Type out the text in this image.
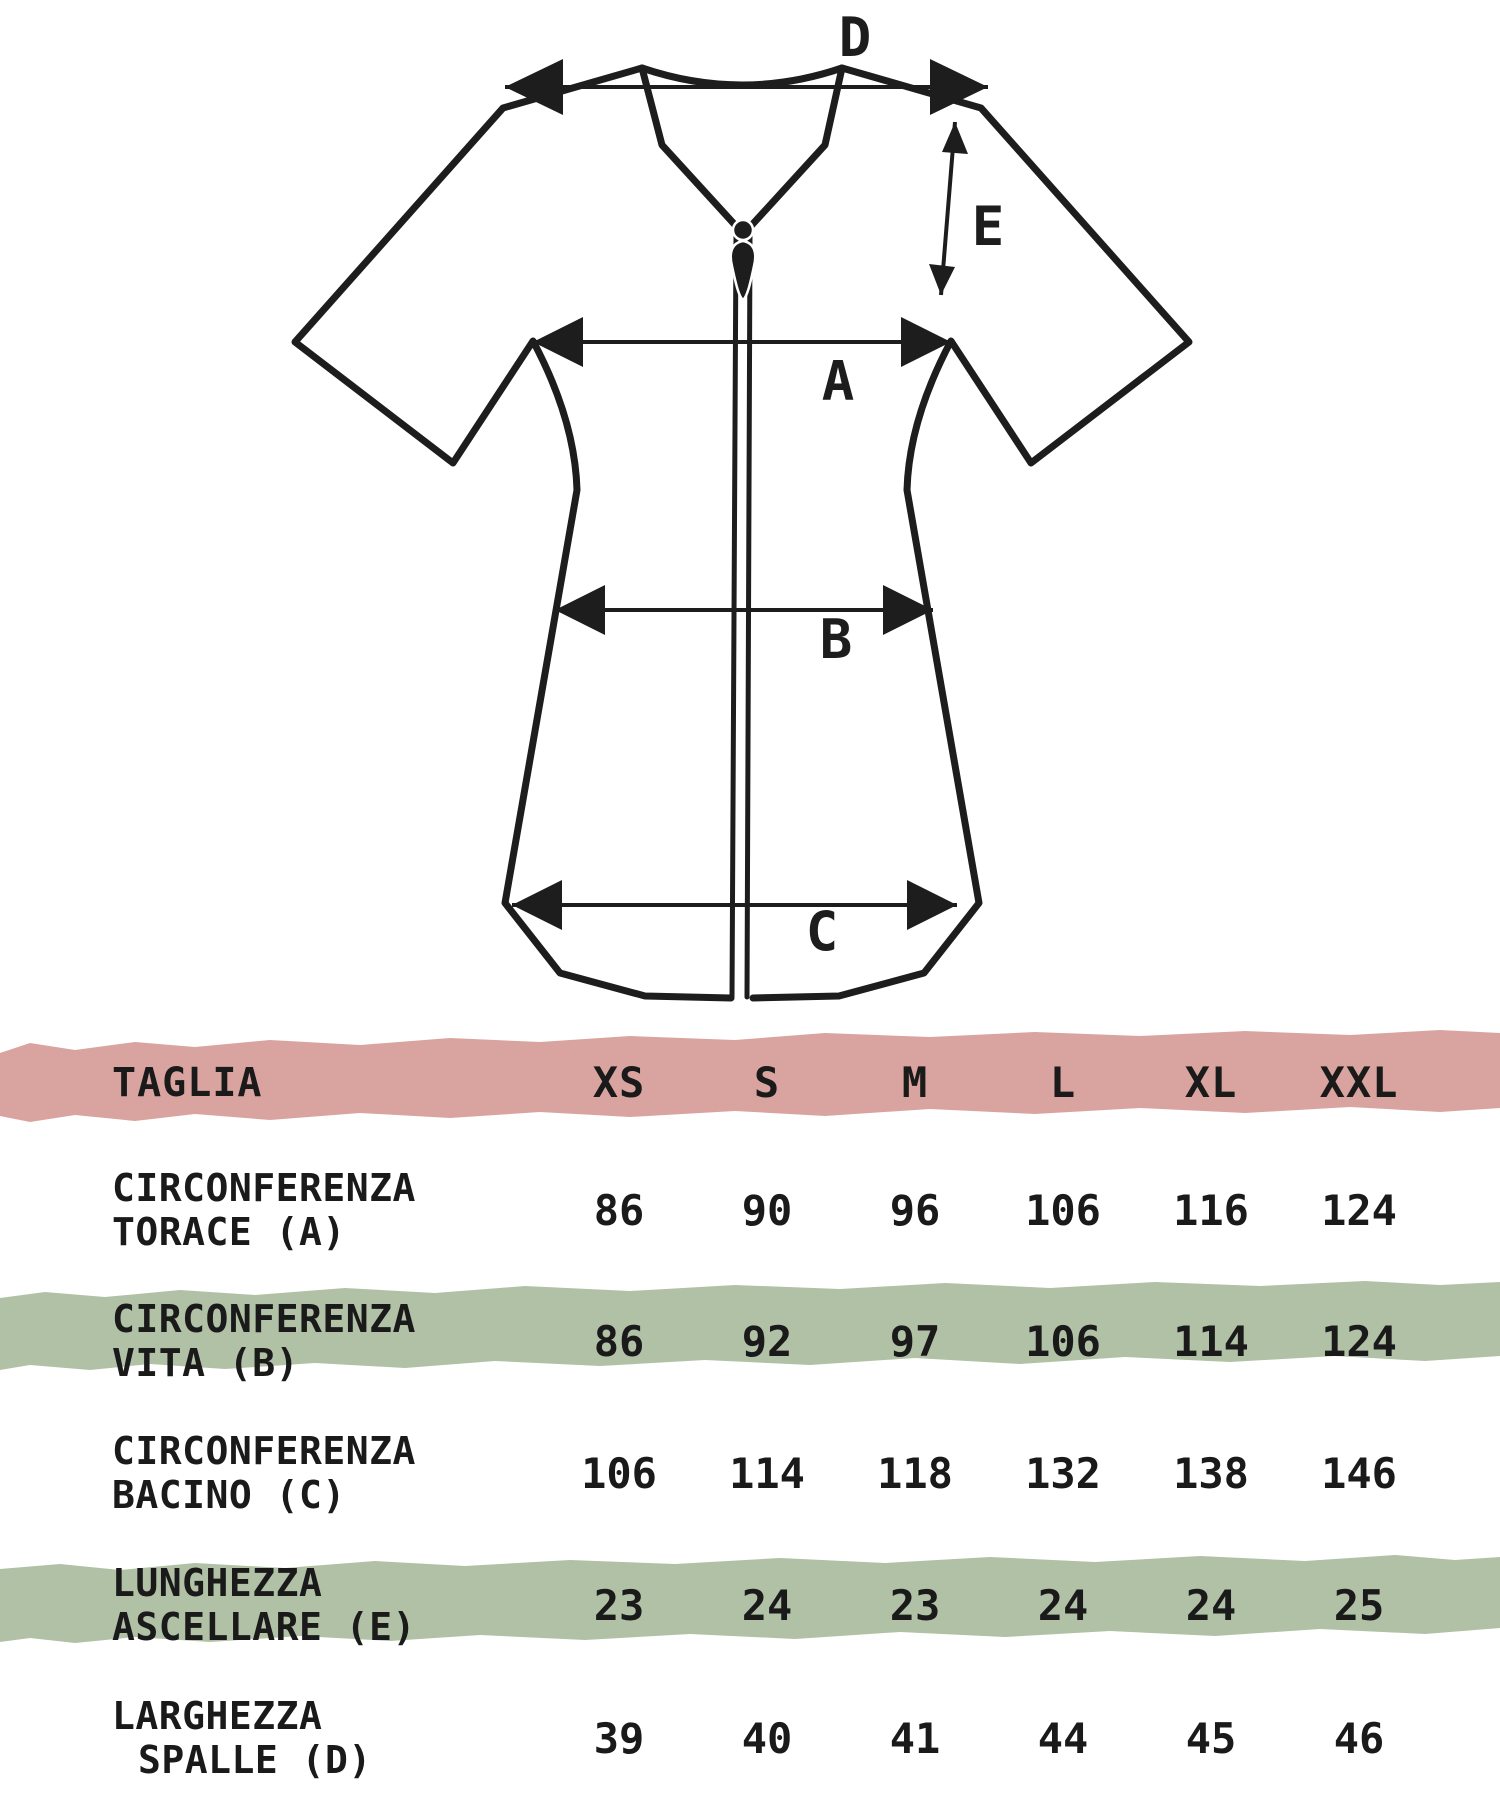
D
E
A
B
C
TAGLIA	XS	S	M	L	XL	XXL
CIRCONFERENZA
TORACE (A)	86	90	96	106	116	124
CIRCONFERENZA
VITA (B)	86	92	97	106	114	124
CIRCONFERENZA
BACINO (C)	106	114	118	132	138	146
LUNGHEZZA
ASCELLARE (E)	23	24	23	24	24	25
LARGHEZZA
SPALLE (D)	39	40	41	44	45	46
